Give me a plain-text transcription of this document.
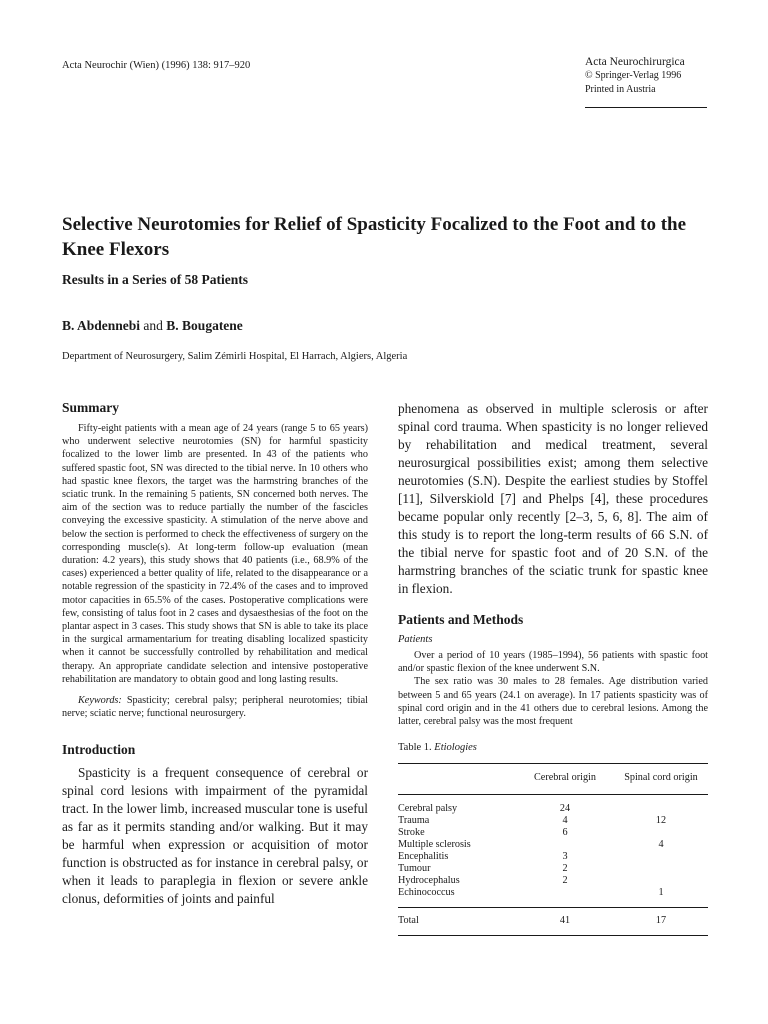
Acta Neurochir (Wien) (1996) 138: 917–920	Acta Neurochirurgica
© Springer-Verlag 1996
Printed in Austria
Selective Neurotomies for Relief of Spasticity Focalized to the Foot and to the Knee Flexors
Results in a Series of 58 Patients
B. Abdennebi and B. Bougatene
Department of Neurosurgery, Salim Zémirli Hospital, El Harrach, Algiers, Algeria
Summary

Fifty-eight patients with a mean age of 24 years (range 5 to 65 years) who underwent selective neurotomies (SN) for harmful spasticity focalized to the lower limb are presented. In 43 of the patients who suffered spastic foot, SN was directed to the tibial nerve. In 10 others who had spastic knee flexors, the target was the harmstring branches of the sciatic trunk. In the remaining 5 patients, SN concerned both nerves. The aim of the section was to reduce partially the number of the fascicles conveying the excessive spasticity. A stimulation of the nerve above and below the section is performed to check the effectiveness of surgery on the corresponding muscle(s). At long-term follow-up evaluation (mean duration: 4.2 years), this study shows that 40 patients (i.e., 68.9% of the cases) experienced a better quality of life, related to the disappearance or a notable regression of the spasticity in 72.4% of the cases and to improved motor capacities in 65.5% of the cases. Postoperative complications were few, consisting of talus foot in 2 cases and dysaesthesias of the foot on the plantar aspect in 3 cases. This study shows that SN is able to take its place in the surgical armamentarium for treating disabling localized spasticity when it cannot be successfully controlled by rehabilitation and medical therapy. An appropriate candidate selection and intensive postoperative rehabilitation are mandatory to obtain good and long lasting results.

Keywords: Spasticity; cerebral palsy; peripheral neurotomies; tibial nerve; sciatic nerve; functional neurosurgery.

Introduction

Spasticity is a frequent consequence of cerebral or spinal cord lesions with impairment of the pyramidal tract. In the lower limb, increased muscular tone is useful as far as it permits standing and/or walking. But it may be harmful when expression or acquisition of motor function is obstructed as for instance in cerebral palsy, or when it leads to paraplegia in flexion or severe ankle clonus, deformities of joints and painful

phenomena as observed in multiple sclerosis or after spinal cord trauma. When spasticity is no longer relieved by rehabilitation and medical treatment, several neurosurgical possibilities exist; among them selective neurotomies (S.N). Despite the earliest studies by Stoffel [11], Silverskiold [7] and Phelps [4], these procedures became popular only recently [2–3, 5, 6, 8]. The aim of this study is to report the long-term results of 66 S.N. of the tibial nerve for spastic foot and of 20 S.N. of the harmstring branches of the sciatic trunk for spastic knee in flexion.

Patients and Methods
Patients

Over a period of 10 years (1985–1994), 56 patients with spastic foot and/or spastic flexion of the knee underwent S.N.

The sex ratio was 30 males to 28 females. Age distribution varied between 5 and 65 years (24.1 on average). In 17 patients spasticity was of spinal cord origin and in the 41 others due to cerebral lesions. Among the latter, cerebral palsy was the most frequent

Table 1. Etiologies
	Cerebral origin	Spinal cord origin
Cerebral palsy	24	
Trauma	4	12
Stroke	6	
Multiple sclerosis		4
Encephalitis	3	
Tumour	2	
Hydrocephalus	2	
Echinococcus		1
Total	41	17
